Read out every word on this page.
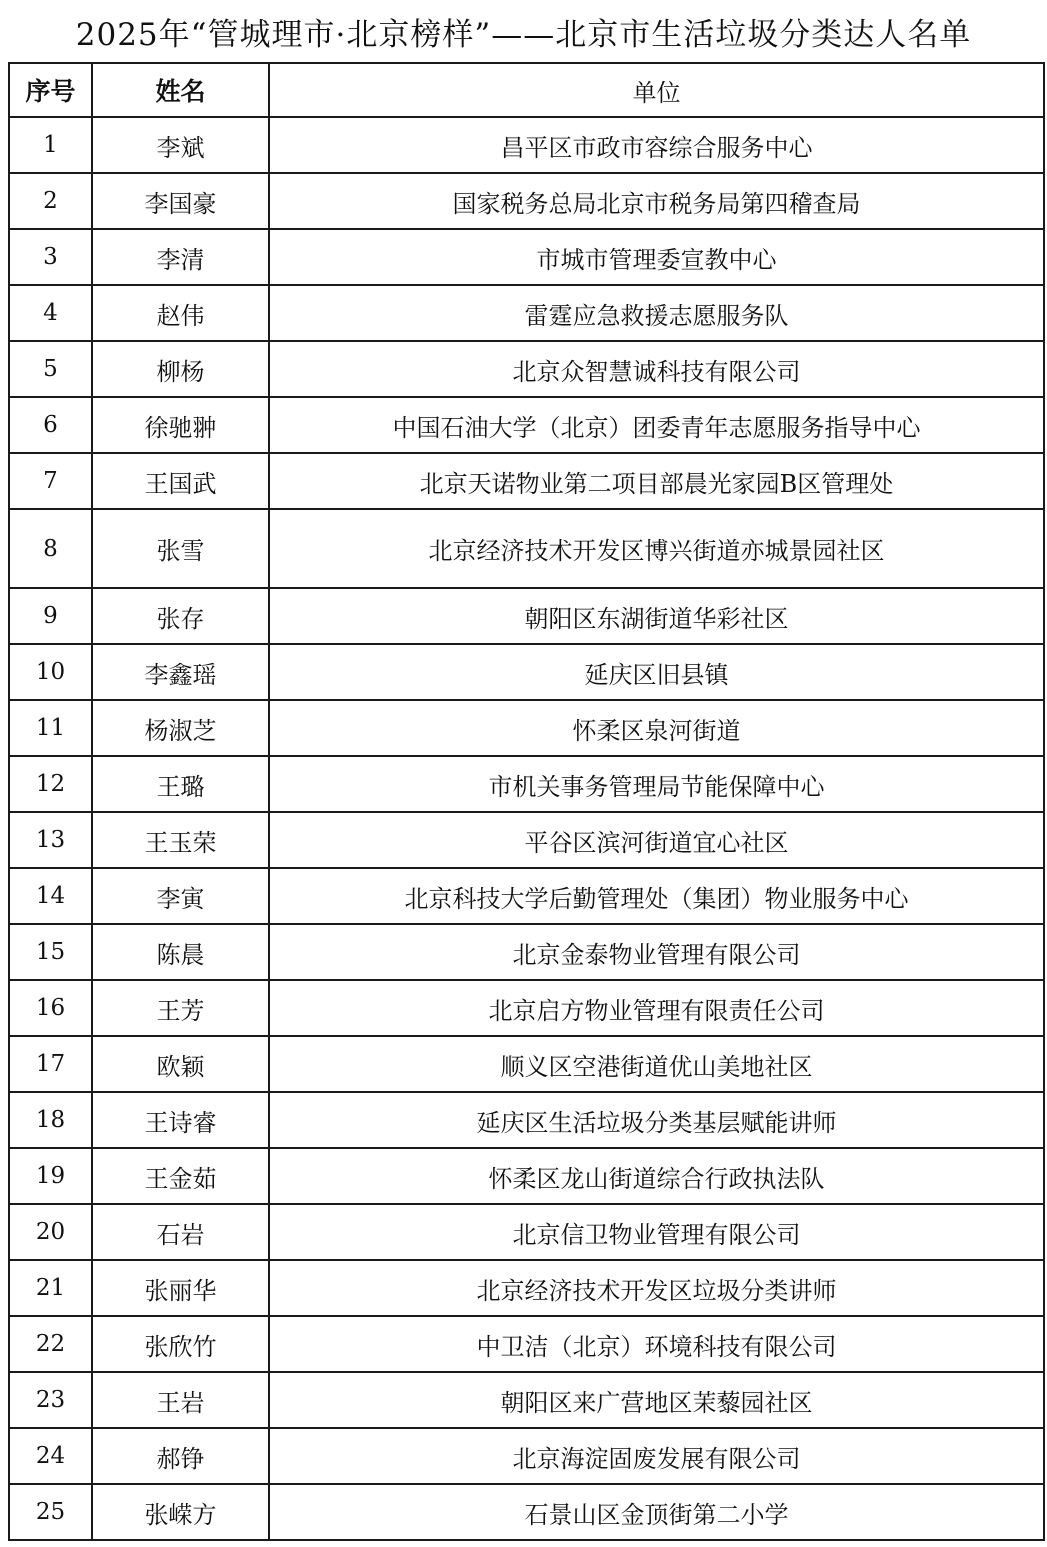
2025年“管城理市·北京榜样”——北京市生活垃圾分类达人名单
序号	姓名	单位
1	李斌	昌平区市政市容综合服务中心
2	李国豪	国家税务总局北京市税务局第四稽查局
3	李清	市城市管理委宣教中心
4	赵伟	雷霆应急救援志愿服务队
5	柳杨	北京众智慧诚科技有限公司
6	徐驰翀	中国石油大学（北京）团委青年志愿服务指导中心
7	王国武	北京天诺物业第二项目部晨光家园B区管理处
8	张雪	北京经济技术开发区博兴街道亦城景园社区
9	张存	朝阳区东湖街道华彩社区
10	李鑫瑶	延庆区旧县镇
11	杨淑芝	怀柔区泉河街道
12	王璐	市机关事务管理局节能保障中心
13	王玉荣	平谷区滨河街道宜心社区
14	李寅	北京科技大学后勤管理处（集团）物业服务中心
15	陈晨	北京金泰物业管理有限公司
16	王芳	北京启方物业管理有限责任公司
17	欧颖	顺义区空港街道优山美地社区
18	王诗睿	延庆区生活垃圾分类基层赋能讲师
19	王金茹	怀柔区龙山街道综合行政执法队
20	石岩	北京信卫物业管理有限公司
21	张丽华	北京经济技术开发区垃圾分类讲师
22	张欣竹	中卫洁（北京）环境科技有限公司
23	王岩	朝阳区来广营地区茉藜园社区
24	郝铮	北京海淀固废发展有限公司
25	张嵘方	石景山区金顶街第二小学
